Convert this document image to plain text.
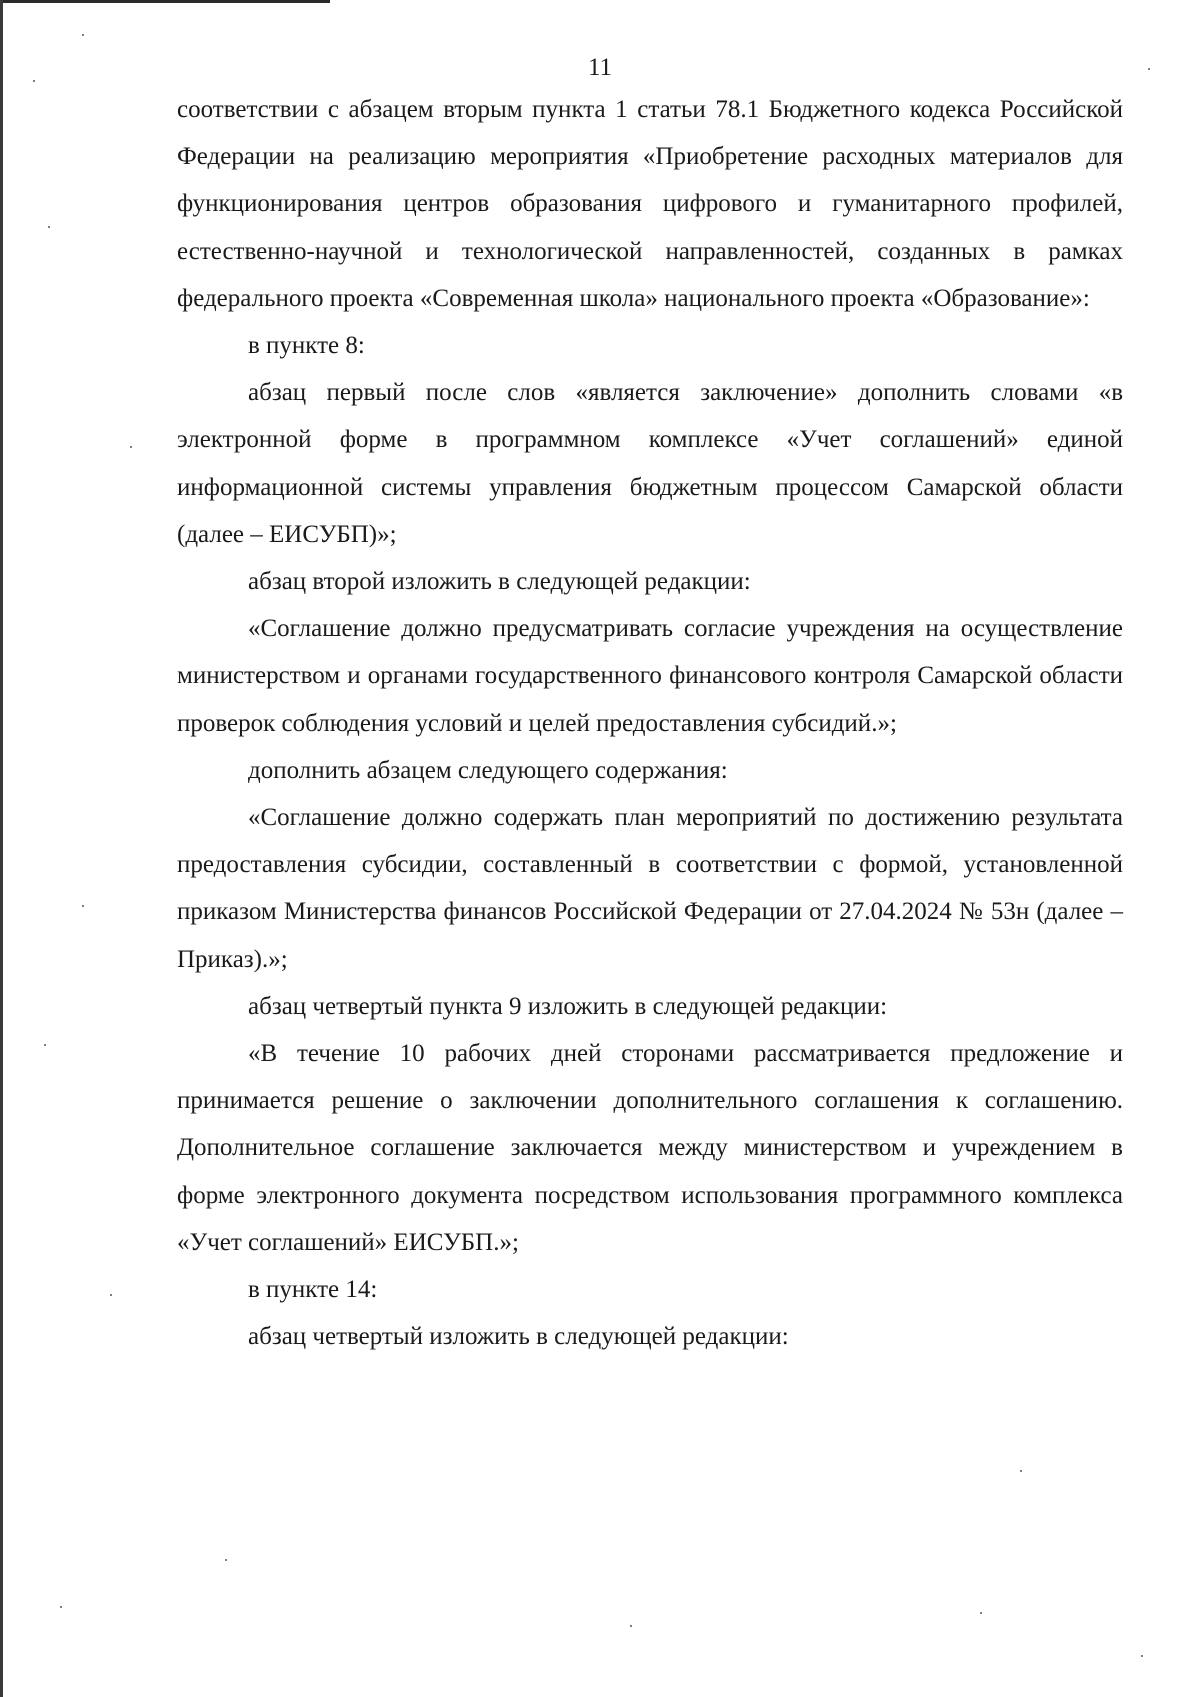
11

соответствии с абзацем вторым пункта 1 статьи 78.1 Бюджетного кодекса Российской Федерации на реализацию мероприятия «Приобретение расходных материалов для функционирования центров образования цифрового и гуманитарного профилей, естественно-научной и технологической направленностей, созданных в рамках федерального проекта «Современная школа» национального проекта «Образование»:

в пункте 8:

абзац первый после слов «является заключение» дополнить словами «в электронной форме в программном комплексе «Учет соглашений» единой информационной системы управления бюджетным процессом Самарской области (далее – ЕИСУБП)»;

абзац второй изложить в следующей редакции:

«Соглашение должно предусматривать согласие учреждения на осуществление министерством и органами государственного финансового контроля Самарской области проверок соблюдения условий и целей предоставления субсидий.»;

дополнить абзацем следующего содержания:

«Соглашение должно содержать план мероприятий по достижению результата предоставления субсидии, составленный в соответствии с формой, установленной приказом Министерства финансов Российской Федерации от 27.04.2024 № 53н (далее – Приказ).»;

абзац четвертый пункта 9 изложить в следующей редакции:

«В течение 10 рабочих дней сторонами рассматривается предложение и принимается решение о заключении дополнительного соглашения к соглашению. Дополнительное соглашение заключается между министерством и учреждением в форме электронного документа посредством использования программного комплекса «Учет соглашений» ЕИСУБП.»;

в пункте 14:

абзац четвертый изложить в следующей редакции:
